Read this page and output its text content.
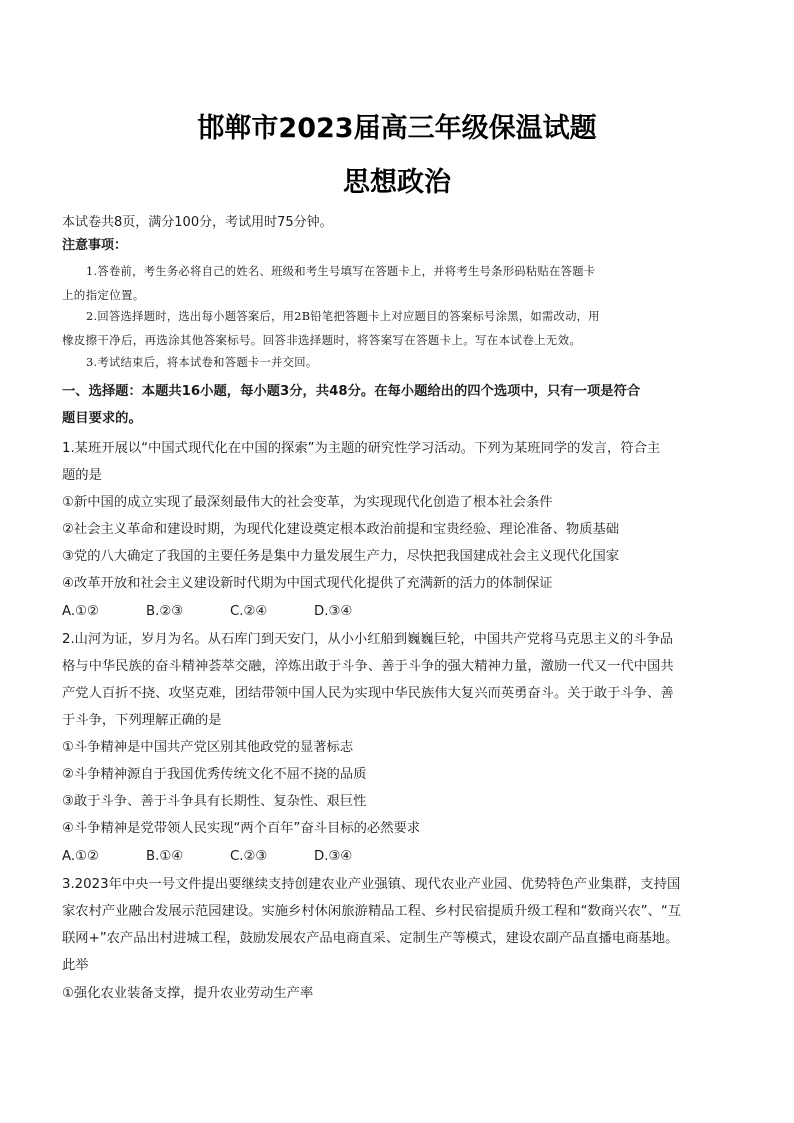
邯郸市2023届高三年级保温试题
思想政治
本试卷共8页，满分100分，考试用时75分钟。
注意事项：
1.答卷前，考生务必将自己的姓名、班级和考生号填写在答题卡上，并将考生号条形码粘贴在答题卡
上的指定位置。
2.回答选择题时，选出每小题答案后，用2B铅笔把答题卡上对应题目的答案标号涂黑，如需改动，用
橡皮擦干净后，再选涂其他答案标号。回答非选择题时，将答案写在答题卡上。写在本试卷上无效。
3.考试结束后，将本试卷和答题卡一并交回。
一、选择题：本题共16小题，每小题3分，共48分。在每小题给出的四个选项中，只有一项是符合
题目要求的。
1.某班开展以“中国式现代化在中国的探索”为主题的研究性学习活动。下列为某班同学的发言，符合主
题的是
①新中国的成立实现了最深刻最伟大的社会变革，为实现现代化创造了根本社会条件
②社会主义革命和建设时期，为现代化建设奠定根本政治前提和宝贵经验、理论准备、物质基础
③党的八大确定了我国的主要任务是集中力量发展生产力，尽快把我国建成社会主义现代化国家
④改革开放和社会主义建设新时代期为中国式现代化提供了充满新的活力的体制保证
A.①②	B.②③	C.②④	D.③④
2.山河为证，岁月为名。从石库门到天安门，从小小红船到巍巍巨轮，中国共产党将马克思主义的斗争品
格与中华民族的奋斗精神荟萃交融，淬炼出敢于斗争、善于斗争的强大精神力量，激励一代又一代中国共
产党人百折不挠、攻坚克难，团结带领中国人民为实现中华民族伟大复兴而英勇奋斗。关于敢于斗争、善
于斗争，下列理解正确的是
①斗争精神是中国共产党区别其他政党的显著标志
②斗争精神源自于我国优秀传统文化不屈不挠的品质
③敢于斗争、善于斗争具有长期性、复杂性、艰巨性
④斗争精神是党带领人民实现“两个百年”奋斗目标的必然要求
A.①②	B.①④	C.②③	D.③④
3.2023年中央一号文件提出要继续支持创建农业产业强镇、现代农业产业园、优势特色产业集群，支持国
家农村产业融合发展示范园建设。实施乡村休闲旅游精品工程、乡村民宿提质升级工程和“数商兴农”、“互
联网+”农产品出村进城工程，鼓励发展农产品电商直采、定制生产等模式，建设农副产品直播电商基地。
此举
①强化农业装备支撑，提升农业劳动生产率
